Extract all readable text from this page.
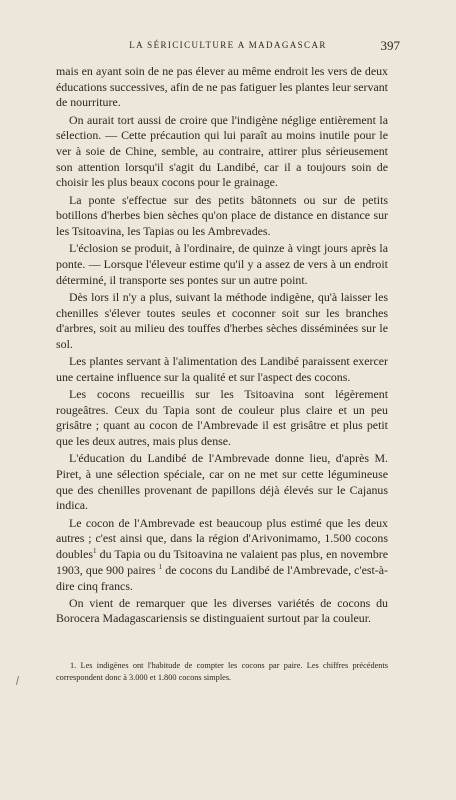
LA SÉRICICULTURE A MADAGASCAR	397

mais en ayant soin de ne pas élever au même endroit les vers de deux éducations successives, afin de ne pas fatiguer les plantes leur servant de nourriture.

On aurait tort aussi de croire que l'indigène néglige entièrement la sélection. — Cette précaution qui lui paraît au moins inutile pour le ver à soie de Chine, semble, au contraire, attirer plus sérieusement son attention lorsqu'il s'agit du Landibé, car il a toujours soin de choisir les plus beaux cocons pour le grainage.

La ponte s'effectue sur des petits bâtonnets ou sur de petits botillons d'herbes bien sèches qu'on place de distance en distance sur les Tsitoavina, les Tapias ou les Ambrevades.

L'éclosion se produit, à l'ordinaire, de quinze à vingt jours après la ponte. — Lorsque l'éleveur estime qu'il y a assez de vers à un endroit déterminé, il transporte ses pontes sur un autre point.

Dès lors il n'y a plus, suivant la méthode indigène, qu'à laisser les chenilles s'élever toutes seules et coconner soit sur les branches d'arbres, soit au milieu des touffes d'herbes sèches disséminées sur le sol.

Les plantes servant à l'alimentation des Landibé paraissent exercer une certaine influence sur la qualité et sur l'aspect des cocons.

Les cocons recueillis sur les Tsitoavina sont légèrement rougeâtres. Ceux du Tapia sont de couleur plus claire et un peu grisâtre ; quant au cocon de l'Ambrevade il est grisâtre et plus petit que les deux autres, mais plus dense.

L'éducation du Landibé de l'Ambrevade donne lieu, d'après M. Piret, à une sélection spéciale, car on ne met sur cette légumineuse que des chenilles provenant de papillons déjà élevés sur le Cajanus indica.

Le cocon de l'Ambrevade est beaucoup plus estimé que les deux autres ; c'est ainsi que, dans la région d'Arivonimamo, 1.500 cocons doubles$^1$ du Tapia ou du Tsitoavina ne valaient pas plus, en novembre 1903, que 900 paires $^1$ de cocons du Landibé de l'Ambrevade, c'est-à-dire cinq francs.

On vient de remarquer que les diverses variétés de cocons du Borocera Madagascariensis se distinguaient surtout par la couleur.

1. Les indigènes ont l'habitude de compter les cocons par paire. Les chiffres précédents correspondent donc à 3.000 et 1.800 cocons simples.
